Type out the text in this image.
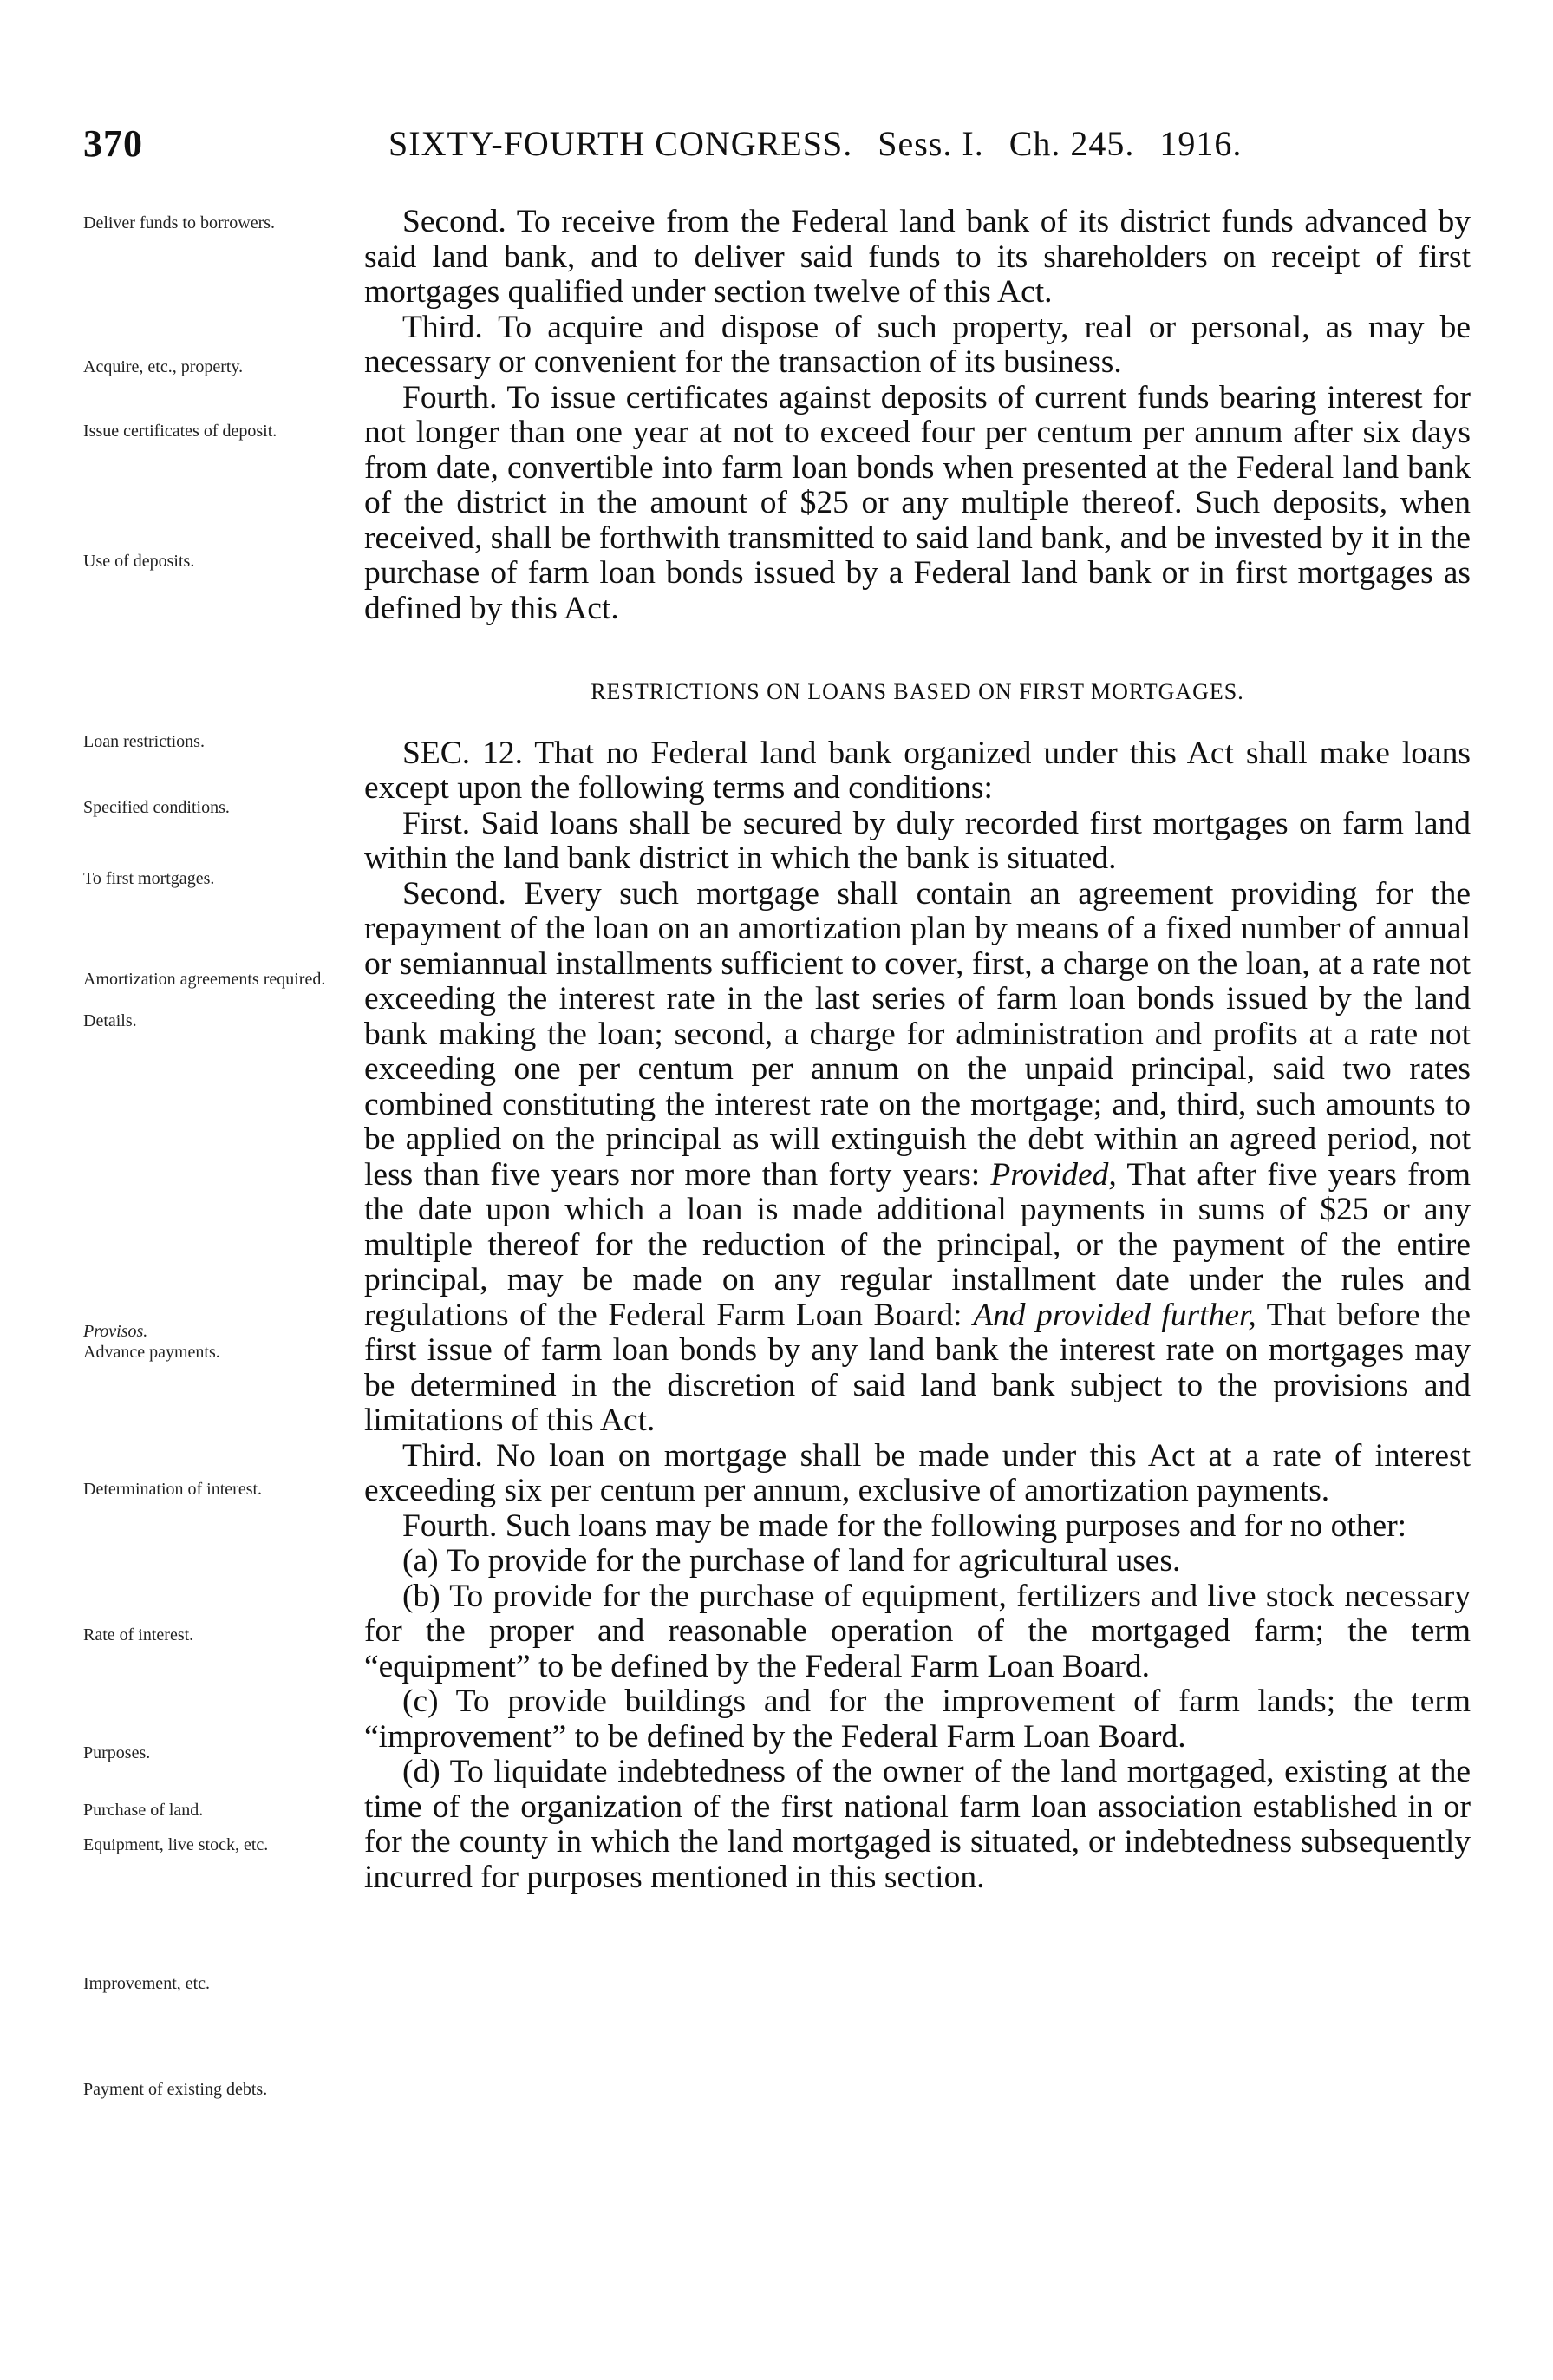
370	SIXTY-FOURTH CONGRESS. Sess. I. Ch. 245. 1916.
Deliver funds to borrowers.
Acquire, etc., property.
Issue certificates of deposit.
Use of deposits.
Loan restrictions.
Specified conditions.
To first mortgages.
Amortization agreements required.
Details.
Provisos.
Advance payments.
Determination of interest.
Rate of interest.
Purposes.
Purchase of land.
Equipment, live stock, etc.
Improvement, etc.
Payment of existing debts.

Second. To receive from the Federal land bank of its district funds advanced by said land bank, and to deliver said funds to its shareholders on receipt of first mortgages qualified under section twelve of this Act.

Third. To acquire and dispose of such property, real or personal, as may be necessary or convenient for the transaction of its business.

Fourth. To issue certificates against deposits of current funds bearing interest for not longer than one year at not to exceed four per centum per annum after six days from date, convertible into farm loan bonds when presented at the Federal land bank of the district in the amount of $25 or any multiple thereof. Such deposits, when received, shall be forthwith transmitted to said land bank, and be invested by it in the purchase of farm loan bonds issued by a Federal land bank or in first mortgages as defined by this Act.

RESTRICTIONS ON LOANS BASED ON FIRST MORTGAGES.

SEC. 12. That no Federal land bank organized under this Act shall make loans except upon the following terms and conditions:

First. Said loans shall be secured by duly recorded first mortgages on farm land within the land bank district in which the bank is situated.

Second. Every such mortgage shall contain an agreement providing for the repayment of the loan on an amortization plan by means of a fixed number of annual or semiannual installments sufficient to cover, first, a charge on the loan, at a rate not exceeding the interest rate in the last series of farm loan bonds issued by the land bank making the loan; second, a charge for administration and profits at a rate not exceeding one per centum per annum on the unpaid principal, said two rates combined constituting the interest rate on the mortgage; and, third, such amounts to be applied on the principal as will extinguish the debt within an agreed period, not less than five years nor more than forty years: Provided, That after five years from the date upon which a loan is made additional payments in sums of $25 or any multiple thereof for the reduction of the principal, or the payment of the entire principal, may be made on any regular installment date under the rules and regulations of the Federal Farm Loan Board: And provided further, That before the first issue of farm loan bonds by any land bank the interest rate on mortgages may be determined in the discretion of said land bank subject to the provisions and limitations of this Act.

Third. No loan on mortgage shall be made under this Act at a rate of interest exceeding six per centum per annum, exclusive of amortization payments.

Fourth. Such loans may be made for the following purposes and for no other:

(a) To provide for the purchase of land for agricultural uses.

(b) To provide for the purchase of equipment, fertilizers and live stock necessary for the proper and reasonable operation of the mortgaged farm; the term “equipment” to be defined by the Federal Farm Loan Board.

(c) To provide buildings and for the improvement of farm lands; the term “improvement” to be defined by the Federal Farm Loan Board.

(d) To liquidate indebtedness of the owner of the land mortgaged, existing at the time of the organization of the first national farm loan association established in or for the county in which the land mortgaged is situated, or indebtedness subsequently incurred for purposes mentioned in this section.
